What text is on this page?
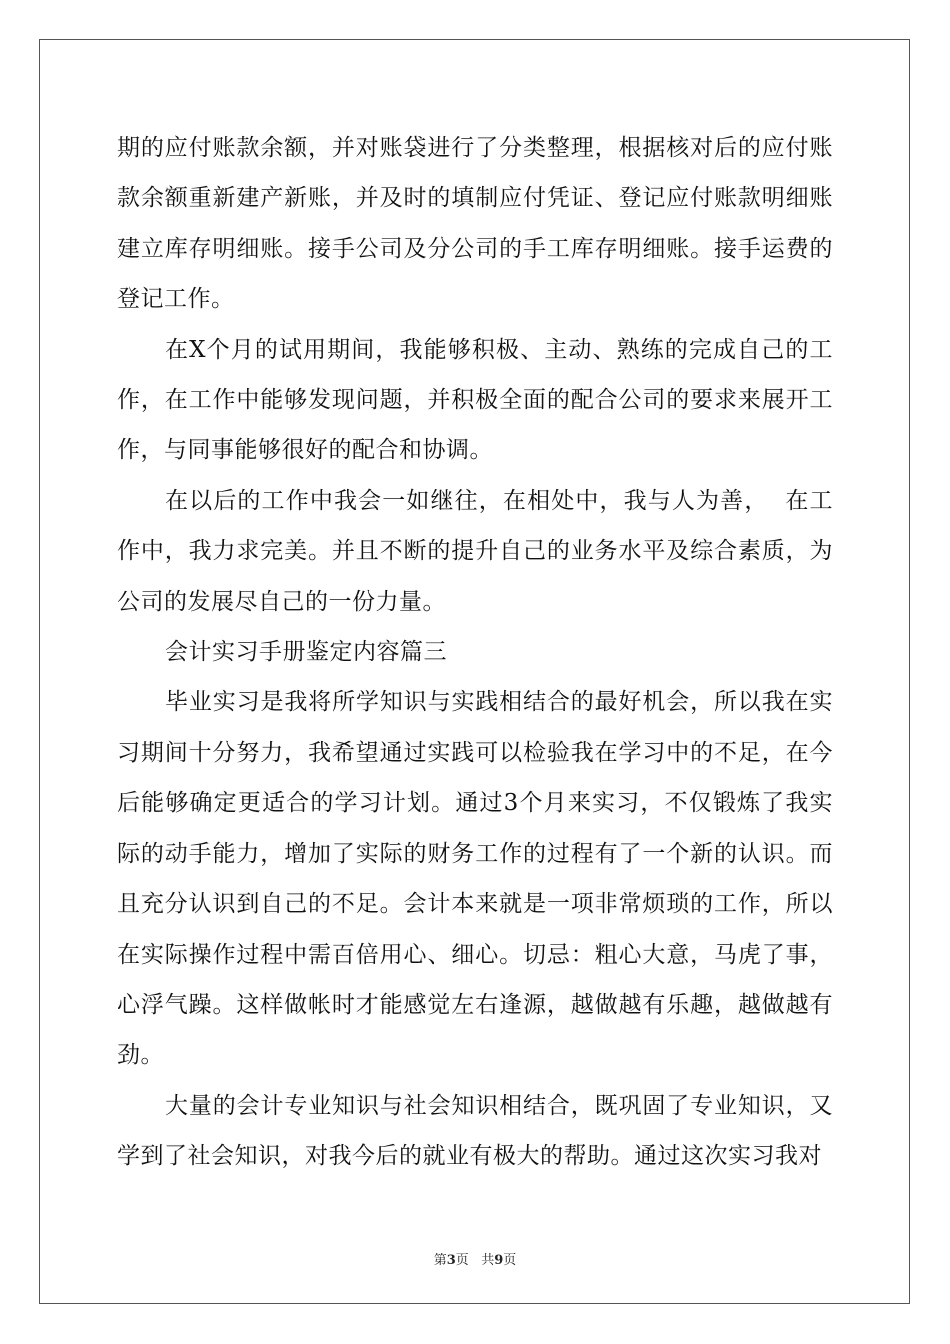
期的应付账款余额，并对账袋进行了分类整理，根据核对后的应付账款余额重新建产新账，并及时的填制应付凭证、登记应付账款明细账建立库存明细账。接手公司及分公司的手工库存明细账。接手运费的登记工作。

在X个月的试用期间，我能够积极、主动、熟练的完成自己的工作，在工作中能够发现问题，并积极全面的配合公司的要求来展开工作，与同事能够很好的配合和协调。

在以后的工作中我会一如继往，在相处中，我与人为善，  在工作中，我力求完美。并且不断的提升自己的业务水平及综合素质，为公司的发展尽自己的一份力量。

会计实习手册鉴定内容篇三

毕业实习是我将所学知识与实践相结合的最好机会，所以我在实习期间十分努力，我希望通过实践可以检验我在学习中的不足，在今后能够确定更适合的学习计划。通过3个月来实习，不仅锻炼了我实际的动手能力，增加了实际的财务工作的过程有了一个新的认识。而且充分认识到自己的不足。会计本来就是一项非常烦琐的工作，所以在实际操作过程中需百倍用心、细心。切忌：粗心大意，马虎了事，心浮气躁。这样做帐时才能感觉左右逢源，越做越有乐趣，越做越有劲。

大量的会计专业知识与社会知识相结合，既巩固了专业知识，又学到了社会知识，对我今后的就业有极大的帮助。通过这次实习我对

第3页 共9页
